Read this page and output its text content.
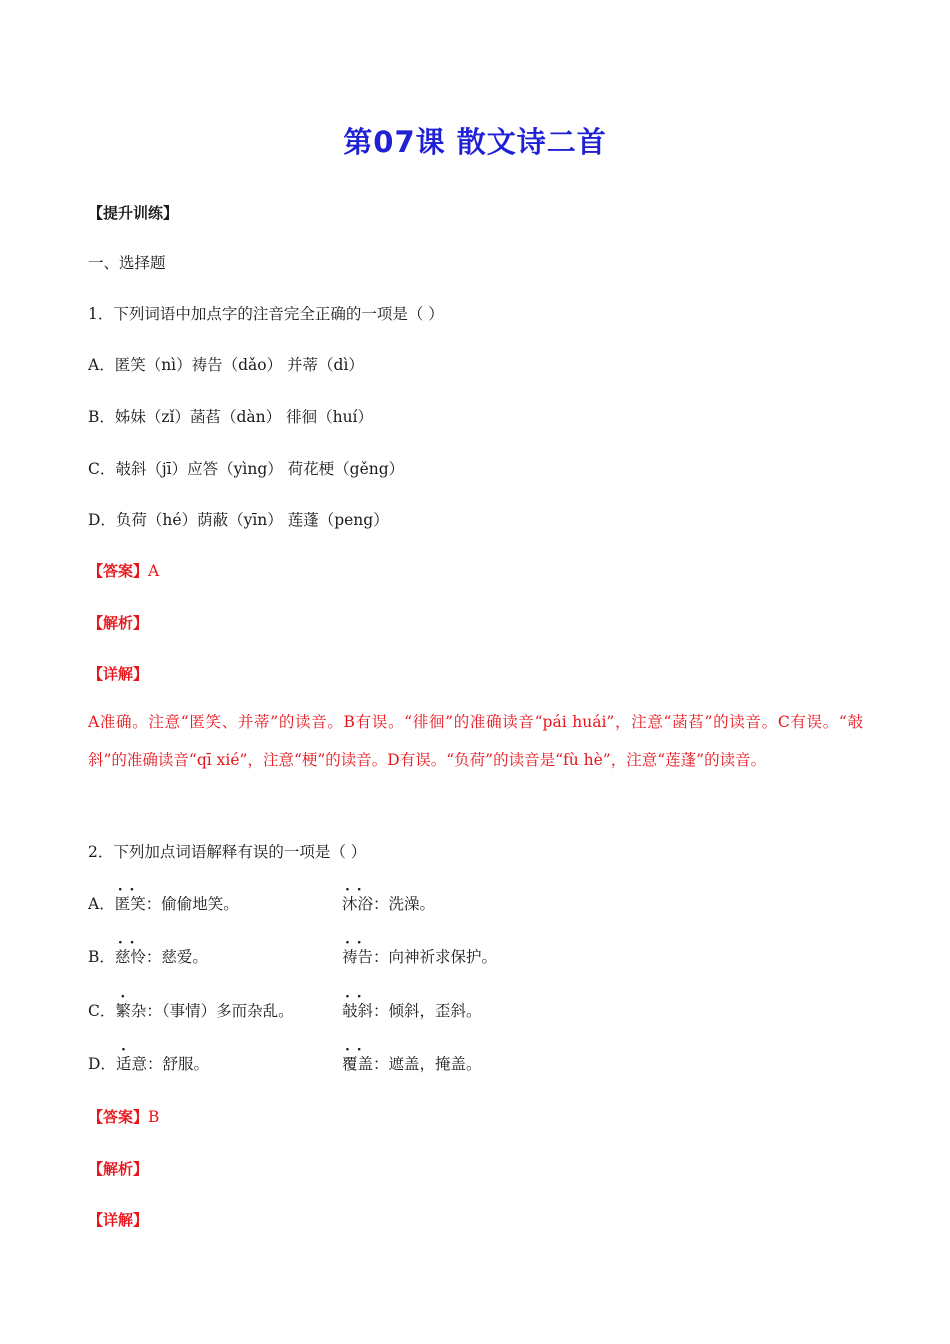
第07课 散文诗二首
【提升训练】
一、选择题
1．下列词语中加点字的注音完全正确的一项是（ ）
A．匿笑（nì）祷告（dǎo） 并蒂（dì）
B．姊妹（zǐ）菡萏（dàn） 徘徊（huí）
C．攲斜（jī）应答（yìng） 荷花梗（gěng）
D．负荷（hé）荫蔽（yīn） 莲蓬（peng）
【答案】A
【解析】
【详解】
A准确。注意“匿笑、并蒂”的读音。B有误。“徘徊”的准确读音“pái huái”，注意“菡萏”的读音。C有误。“攲斜”的准确读音“qī xié”，注意“梗”的读音。D有误。“负荷”的读音是“fù hè”，注意“莲蓬”的读音。
2．下列加点词语解释有误的一项是（ ）
A．· · 匿笑：偷偷地笑。	· · 沐浴：洗澡。
B．· · 慈怜：慈爱。	· · 祷告：向神祈求保护。
C．繁杂：（事情）多而杂乱。	· · 攲斜：倾斜，歪斜。
D．适意：舒服。	· · 覆盖：遮盖，掩盖。
【答案】B
【解析】
【详解】
